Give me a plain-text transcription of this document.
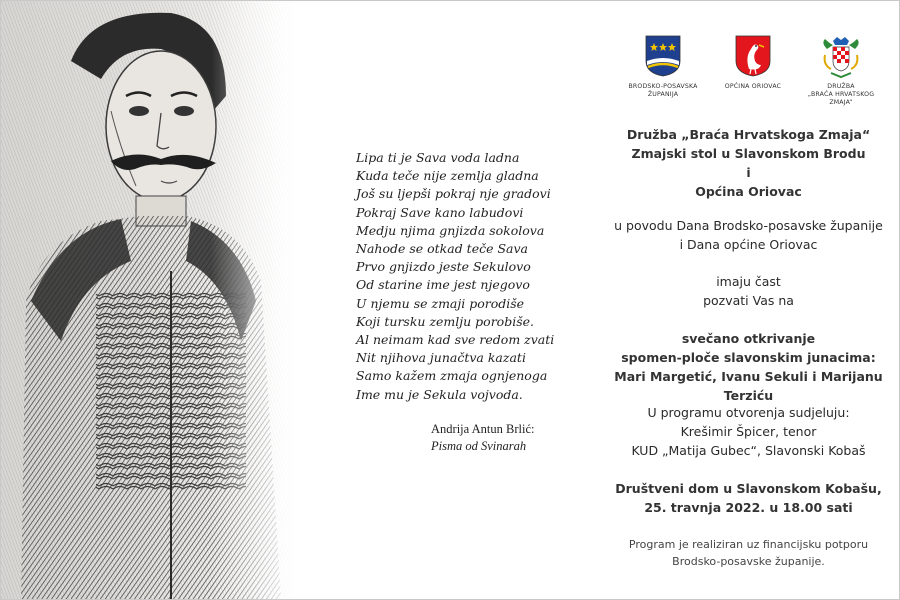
Lipa ti je Sava voda ladna
Kuda teče nije zemlja gladna
Još su ljepši pokraj nje gradovi
Pokraj Save kano labudovi
Medju njima gnjizda sokolova
Nahode se otkad teče Sava
Prvo gnjizdo jeste Sekulovo
Od starine ime jest njegovo
U njemu se zmaji porodiše
Koji tursku zemlju porobiše.
Al neimam kad sve redom zvati
Nit njihova junačtva kazati
Samo kažem zmaja ognjenoga
Ime mu je Sekula vojvoda.
Andrija Antun Brlić:
Pisma od Svinarah
BRODSKO-POSAVSKA
ŽUPANIJA
OPĆINA ORIOVAC	DRUŽBA
„BRAĆA HRVATSKOG ZMAJA“
Družba „Braća Hrvatskoga Zmaja“
Zmajski stol u Slavonskom Brodu
i
Općina Oriovac
u povodu Dana Brodsko-posavske županije
i Dana općine Oriovac
imaju čast
pozvati Vas na
svečano otkrivanje
spomen-ploče slavonskim junacima:
Mari Margetić, Ivanu Sekuli i Marijanu Terziću
U programu otvorenja sudjeluju:
Krešimir Špicer, tenor
KUD „Matija Gubec“, Slavonski Kobaš
Društveni dom u Slavonskom Kobašu,
25. travnja 2022. u 18.00 sati
Program je realiziran uz financijsku potporu
Brodsko-posavske županije.
